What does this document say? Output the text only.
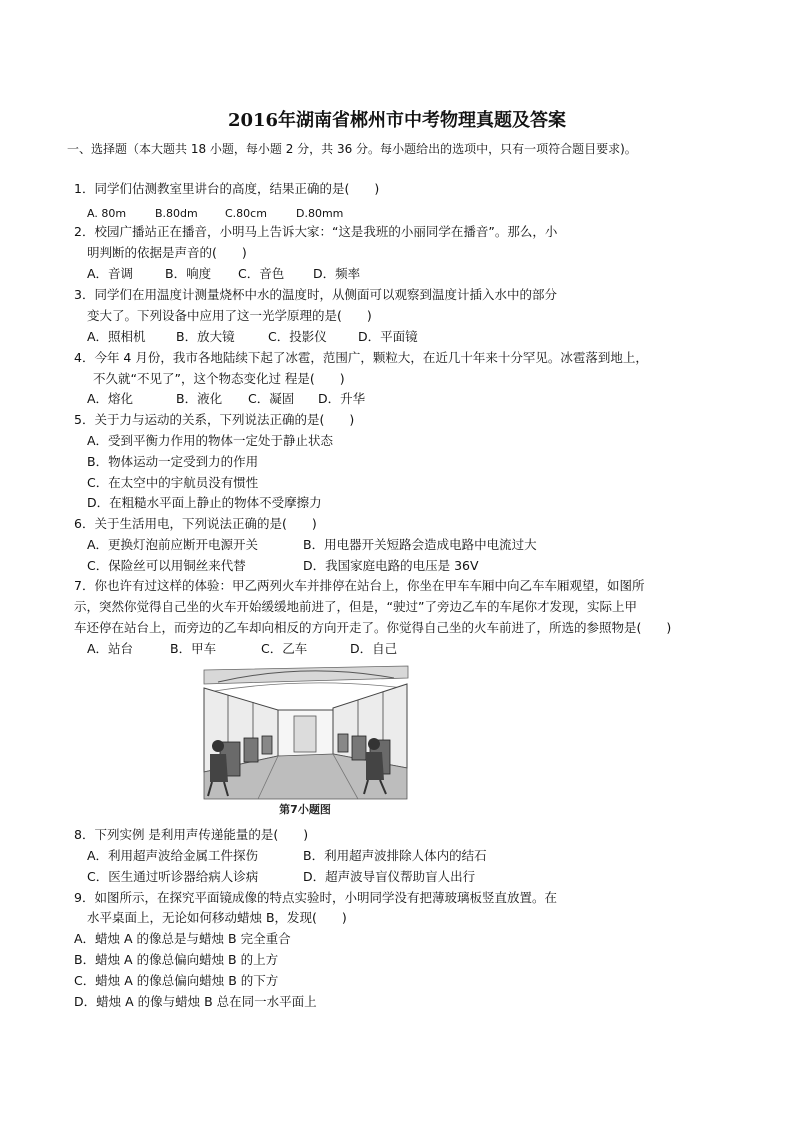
2016年湖南省郴州市中考物理真题及答案
一、选择题（本大题共 18 小题，每小题 2 分，共 36 分。每小题给出的选项中，只有一项符合题目要求)。
1．同学们估测教室里讲台的高度，结果正确的是(　　)
A. 80m	B.80dm C.80cm	D.80mm
2．校园广播站正在播音，小明马上告诉大家：“这是我班的小丽同学在播音”。那么，小
明判断的依据是声音的(　　)
A．音调	B．响度 C．音色 D．频率
3．同学们在用温度计测量烧杯中水的温度时，从侧面可以观察到温度计插入水中的部分
变大了。下列设备中应用了这一光学原理的是(　　)
A．照相机 B．放大镜	C．投影仪	D．平面镜
4．今年 4 月份，我市各地陆续下起了冰雹，范围广，颗粒大，在近几十年来十分罕见。冰雹落到地上，
不久就“不见了”，这个物态变化过 程是(　　)
A．熔化	B．液化 C．凝固 D．升华
5．关于力与运动的关系，下列说法正确的是(　　)
A．受到平衡力作用的物体一定处于静止状态
B．物体运动一定受到力的作用
C．在太空中的宇航员没有惯性
D．在粗糙水平面上静止的物体不受摩擦力
6．关于生活用电，下列说法正确的是(　　)
A．更换灯泡前应断开电源开关	B．用电器开关短路会造成电路中电流过大
C．保险丝可以用铜丝来代替	D．我国家庭电路的电压是 36V
7．你也许有过这样的体验：甲乙两列火车并排停在站台上，你坐在甲车车厢中向乙车车厢观望，如图所
示，突然你觉得自己坐的火车开始缓缓地前进了，但是，“驶过”了旁边乙车的车尾你才发现，实际上甲
车还停在站台上，而旁边的乙车却向相反的方向开走了。你觉得自己坐的火车前进了，所选的参照物是(　　)
A．站台	B．甲车	C．乙车	D．自己
第7小题图
8．下列实例 是利用声传递能量的是(　　)
A．利用超声波给金属工件探伤	B．利用超声波排除人体内的结石
C．医生通过听诊器给病人诊病	D．超声波导盲仪帮助盲人出行
9．如图所示，在探究平面镜成像的特点实验时，小明同学没有把薄玻璃板竖直放置。在
水平桌面上，无论如何移动蜡烛 B，发现(　　)
A．蜡烛 A 的像总是与蜡烛 B 完全重合
B．蜡烛 A 的像总偏向蜡烛 B 的上方
C．蜡烛 A 的像总偏向蜡烛 B 的下方
D．蜡烛 A 的像与蜡烛 B 总在同一水平面上
